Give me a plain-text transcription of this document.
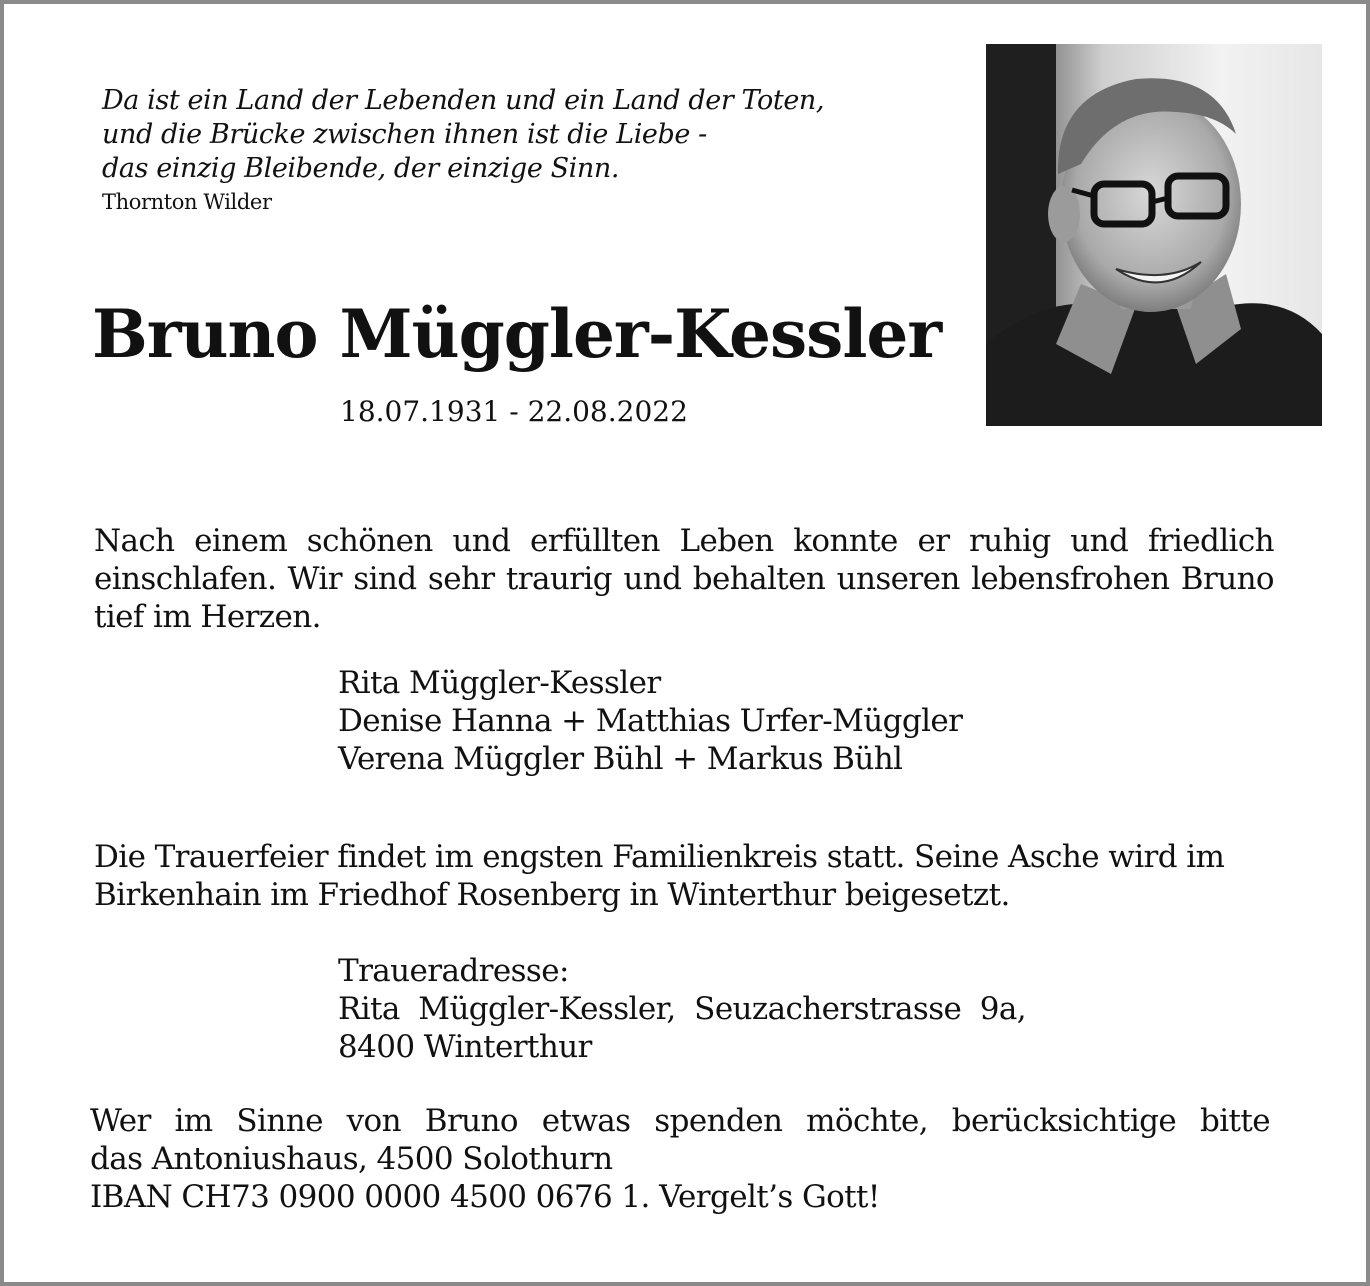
Da ist ein Land der Lebenden und ein Land der Toten,
und die Brücke zwischen ihnen ist die Liebe -
das einzig Bleibende, der einzige Sinn.
Thornton Wilder
Bruno Müggler-Kessler
18.07.1931 - 22.08.2022
Nach einem schönen und erfüllten Leben konnte er ruhig und friedlich einschlafen. Wir sind sehr traurig und behalten unseren lebensfrohen Bruno tief im Herzen.
Rita Müggler-Kessler
Denise Hanna + Matthias Urfer-Müggler
Verena Müggler Bühl + Markus Bühl
Die Trauerfeier findet im engsten Familienkreis statt. Seine Asche wird im Birkenhain im Friedhof Rosenberg in Winterthur beigesetzt.
Traueradresse:
Rita  Müggler-Kessler,  Seuzacherstrasse  9a,
8400 Winterthur
Wer im Sinne von Bruno etwas spenden möchte, berücksichtige bitte
das Antoniushaus, 4500 Solothurn
IBAN CH73 0900 0000 4500 0676 1. Vergelt’s Gott!
